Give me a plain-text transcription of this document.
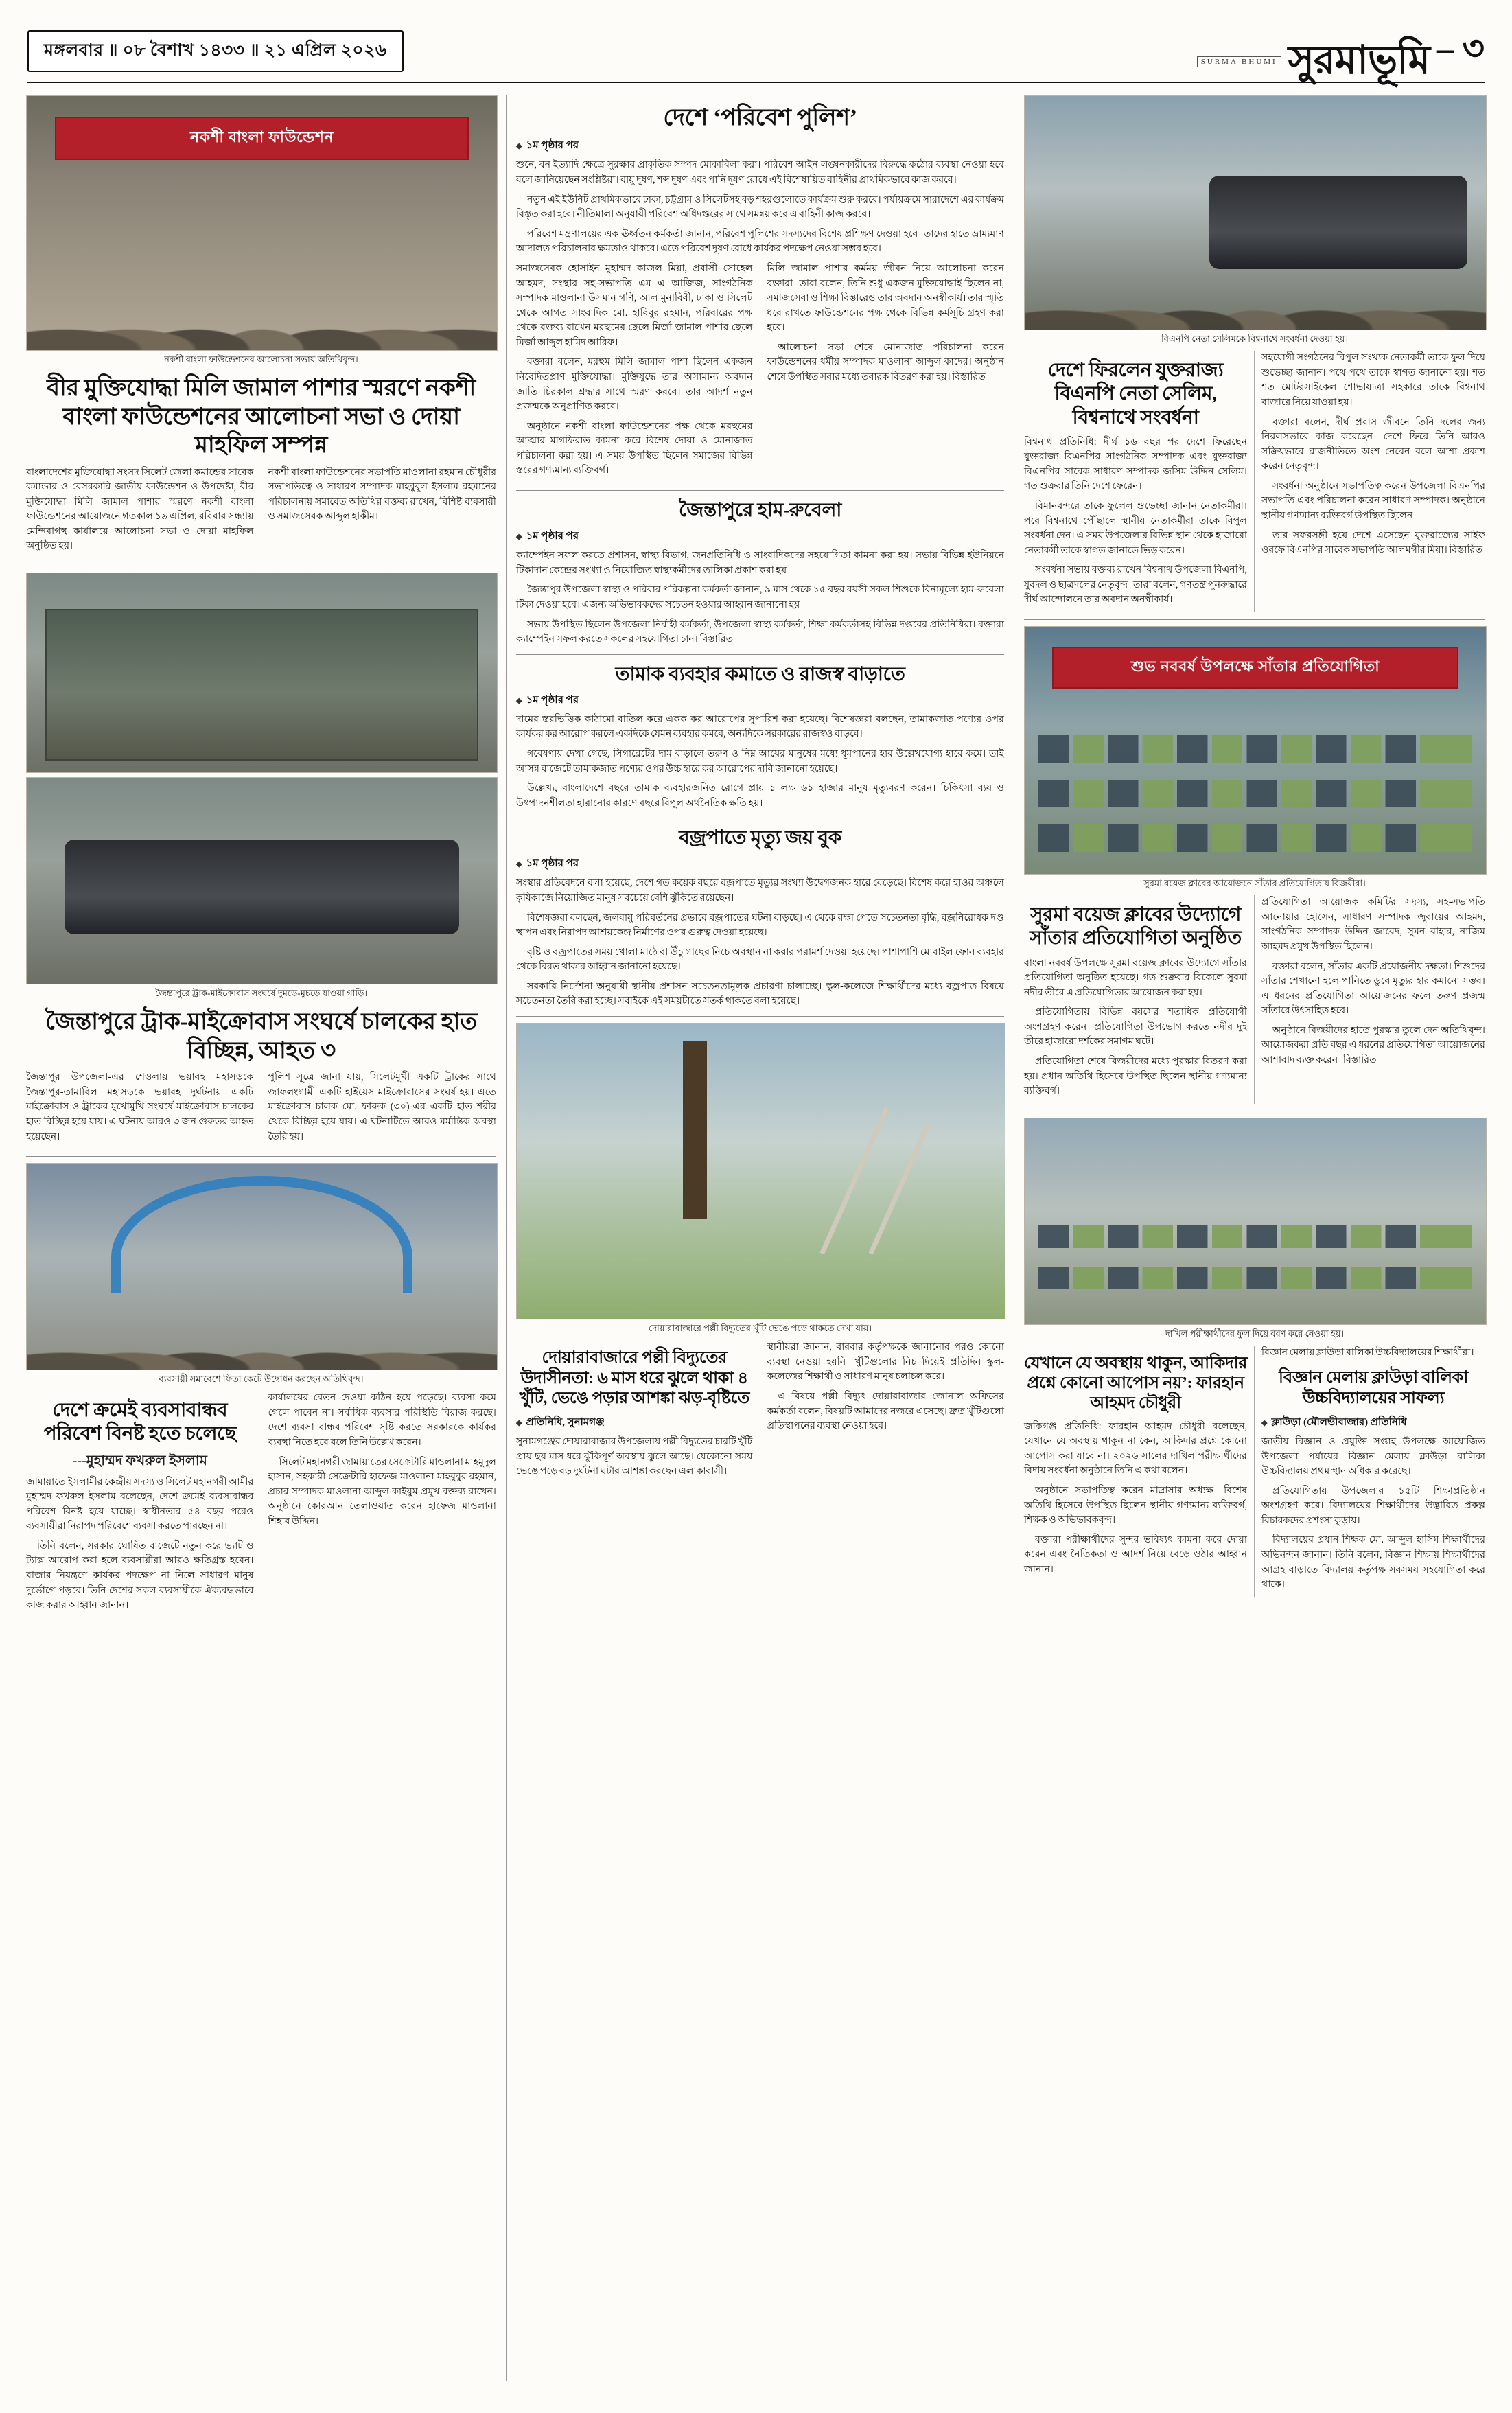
মঙ্গলবার ॥ ০৮ বৈশাখ ১৪৩৩ ॥ ২১ এপ্রিল ২০২৬
SURMA BHUMI সুরমাভূমি – ৩
নকশী বাংলা ফাউন্ডেশন
নকশী বাংলা ফাউন্ডেশনের আলোচনা সভায় অতিথিবৃন্দ।
বীর মুক্তিযোদ্ধা মিলি জামাল পাশার স্মরণে নকশী বাংলা ফাউন্ডেশনের আলোচনা সভা ও দোয়া মাহফিল সম্পন্ন

বাংলাদেশের মুক্তিযোদ্ধা সংসদ সিলেট জেলা কমান্ডের সাবেক কমান্ডার ও বেসরকারি জাতীয় ফাউন্ডেশন ও উপদেষ্টা, বীর মুক্তিযোদ্ধা মিলি জামাল পাশার স্মরণে নকশী বাংলা ফাউন্ডেশনের আয়োজনে গতকাল ১৯ এপ্রিল, রবিবার সন্ধ্যায় মেন্দিবাগস্থ কার্যালয়ে আলোচনা সভা ও দোয়া মাহফিল অনুষ্ঠিত হয়।

নকশী বাংলা ফাউন্ডেশনের সভাপতি মাওলানা রহমান চৌধুরীর সভাপতিত্বে ও সাধারণ সম্পাদক মাহবুবুল ইসলাম রহমানের পরিচালনায় সমাবেত অতিথির বক্তব্য রাখেন, বিশিষ্ট ব্যবসায়ী ও সমাজসেবক আব্দুল হাকীম।

জৈন্তাপুরে ট্রাক-মাইক্রোবাস সংঘর্ষে দুমড়ে-মুচড়ে যাওয়া গাড়ি।
জৈন্তাপুরে ট্রাক-মাইক্রোবাস সংঘর্ষে চালকের হাত বিচ্ছিন্ন, আহত ৩

জৈন্তাপুর উপজেলা-এর শেওলায় ভয়াবহ মহাসড়কে জৈন্তাপুর-তামাবিল মহাসড়কে ভয়াবহ দুর্ঘটনায় একটি মাইক্রোবাস ও ট্রাকের মুখোমুখি সংঘর্ষে মাইক্রোবাস চালকের হাত বিচ্ছিন্ন হয়ে যায়। এ ঘটনায় আরও ৩ জন গুরুতর আহত হয়েছেন।

পুলিশ সূত্রে জানা যায়, সিলেটমুখী একটি ট্রাকের সাথে জাফলংগামী একটি হাইয়েস মাইক্রোবাসের সংঘর্ষ হয়। এতে মাইক্রোবাস চালক মো. ফারুক (৩০)-এর একটি হাত শরীর থেকে বিচ্ছিন্ন হয়ে যায়। এ ঘটনাটিতে আরও মর্মান্তিক অবস্থা তৈরি হয়।

ব্যবসায়ী সমাবেশে ফিতা কেটে উদ্বোধন করছেন অতিথিবৃন্দ।
দেশে ক্রমেই ব্যবসাবান্ধব পরিবেশ বিনষ্ট হতে চলেছে
---মুহাম্মদ ফখরুল ইসলাম

জামায়াতে ইসলামীর কেন্দ্রীয় সদস্য ও সিলেট মহানগরী আমীর মুহাম্মদ ফখরুল ইসলাম বলেছেন, দেশে ক্রমেই ব্যবসাবান্ধব পরিবেশ বিনষ্ট হয়ে যাচ্ছে। স্বাধীনতার ৫৪ বছর পরেও ব্যবসায়ীরা নিরাপদ পরিবেশে ব্যবসা করতে পারছেন না।

তিনি বলেন, সরকার ঘোষিত বাজেটে নতুন করে ভ্যাট ও ট্যাক্স আরোপ করা হলে ব্যবসায়ীরা আরও ক্ষতিগ্রস্ত হবেন। বাজার নিয়ন্ত্রণে কার্যকর পদক্ষেপ না নিলে সাধারণ মানুষ দুর্ভোগে পড়বে। তিনি দেশের সকল ব্যবসায়ীকে ঐক্যবদ্ধভাবে কাজ করার আহ্বান জানান।

কার্যালয়ের বেতন দেওয়া কঠিন হয়ে পড়েছে। ব্যবসা কমে গেলে পাবেন না। সর্বাধিক ব্যবসার পরিস্থিতি বিরাজ করছে। দেশে ব্যবসা বান্ধব পরিবেশ সৃষ্টি করতে সরকারকে কার্যকর ব্যবস্থা নিতে হবে বলে তিনি উল্লেখ করেন।

সিলেট মহানগরী জামায়াতের সেক্রেটারি মাওলানা মাহমুদুল হাসান, সহকারী সেক্রেটারি হাফেজ মাওলানা মাহবুবুর রহমান, প্রচার সম্পাদক মাওলানা আব্দুল কাইয়ুম প্রমুখ বক্তব্য রাখেন। অনুষ্ঠানে কোরআন তেলাওয়াত করেন হাফেজ মাওলানা শিহাব উদ্দিন।

দেশে ‘পরিবেশ পুলিশ’
◆ ১ম পৃষ্ঠার পর

শুনে, বন ইত্যাদি ক্ষেত্রে সুরক্ষার প্রাকৃতিক সম্পদ মোকাবিলা করা। পরিবেশ আইন লঙ্ঘনকারীদের বিরুদ্ধে কঠোর ব্যবস্থা নেওয়া হবে বলে জানিয়েছেন সংশ্লিষ্টরা। বায়ু দূষণ, শব্দ দূষণ এবং পানি দূষণ রোধে এই বিশেষায়িত বাহিনীর প্রাথমিকভাবে কাজ করবে।

নতুন এই ইউনিট প্রাথমিকভাবে ঢাকা, চট্টগ্রাম ও সিলেটসহ বড় শহরগুলোতে কার্যক্রম শুরু করবে। পর্যায়ক্রমে সারাদেশে এর কার্যক্রম বিস্তৃত করা হবে। নীতিমালা অনুযায়ী পরিবেশ অধিদপ্তরের সাথে সমন্বয় করে এ বাহিনী কাজ করবে।

পরিবেশ মন্ত্রণালয়ের এক ঊর্ধ্বতন কর্মকর্তা জানান, পরিবেশ পুলিশের সদস্যদের বিশেষ প্রশিক্ষণ দেওয়া হবে। তাদের হাতে ভ্রাম্যমাণ আদালত পরিচালনার ক্ষমতাও থাকবে। এতে পরিবেশ দূষণ রোধে কার্যকর পদক্ষেপ নেওয়া সম্ভব হবে।

সমাজসেবক হোসাইন মুহাম্মদ কাজল মিয়া, প্রবাসী সোহেল আহমদ, সংস্থার সহ-সভাপতি এম এ আজিজ, সাংগঠনিক সম্পাদক মাওলানা উসমান গণি, আল মুনাবিবী, ঢাকা ও সিলেট থেকে আগত সাংবাদিক মো. হাবিবুর রহমান, পরিবারের পক্ষ থেকে বক্তব্য রাখেন মরহুমের ছেলে মির্জা জামাল পাশার ছেলে মির্জা আব্দুল হামিদ আরিফ।

বক্তারা বলেন, মরহুম মিলি জামাল পাশা ছিলেন একজন নিবেদিতপ্রাণ মুক্তিযোদ্ধা। মুক্তিযুদ্ধে তার অসামান্য অবদান জাতি চিরকাল শ্রদ্ধার সাথে স্মরণ করবে। তার আদর্শ নতুন প্রজন্মকে অনুপ্রাণিত করবে।

অনুষ্ঠানে নকশী বাংলা ফাউন্ডেশনের পক্ষ থেকে মরহুমের আত্মার মাগফিরাত কামনা করে বিশেষ দোয়া ও মোনাজাত পরিচালনা করা হয়। এ সময় উপস্থিত ছিলেন সমাজের বিভিন্ন স্তরের গণ্যমান্য ব্যক্তিবর্গ।

মিলি জামাল পাশার কর্মময় জীবন নিয়ে আলোচনা করেন বক্তারা। তারা বলেন, তিনি শুধু একজন মুক্তিযোদ্ধাই ছিলেন না, সমাজসেবা ও শিক্ষা বিস্তারেও তার অবদান অনস্বীকার্য। তার স্মৃতি ধরে রাখতে ফাউন্ডেশনের পক্ষ থেকে বিভিন্ন কর্মসূচি গ্রহণ করা হবে।

আলোচনা সভা শেষে মোনাজাত পরিচালনা করেন ফাউন্ডেশনের ধর্মীয় সম্পাদক মাওলানা আব্দুল কাদের। অনুষ্ঠান শেষে উপস্থিত সবার মধ্যে তবারক বিতরণ করা হয়। বিস্তারিত

জৈন্তাপুরে হাম-রুবেলা
◆ ১ম পৃষ্ঠার পর

ক্যাম্পেইন সফল করতে প্রশাসন, স্বাস্থ্য বিভাগ, জনপ্রতিনিধি ও সাংবাদিকদের সহযোগিতা কামনা করা হয়। সভায় বিভিন্ন ইউনিয়নে টিকাদান কেন্দ্রের সংখ্যা ও নিয়োজিত স্বাস্থ্যকর্মীদের তালিকা প্রকাশ করা হয়।

জৈন্তাপুর উপজেলা স্বাস্থ্য ও পরিবার পরিকল্পনা কর্মকর্তা জানান, ৯ মাস থেকে ১৫ বছর বয়সী সকল শিশুকে বিনামূল্যে হাম-রুবেলা টিকা দেওয়া হবে। এজন্য অভিভাবকদের সচেতন হওয়ার আহ্বান জানানো হয়।

সভায় উপস্থিত ছিলেন উপজেলা নির্বাহী কর্মকর্তা, উপজেলা স্বাস্থ্য কর্মকর্তা, শিক্ষা কর্মকর্তাসহ বিভিন্ন দপ্তরের প্রতিনিধিরা। বক্তারা ক্যাম্পেইন সফল করতে সকলের সহযোগিতা চান। বিস্তারিত

তামাক ব্যবহার কমাতে ও রাজস্ব বাড়াতে
◆ ১ম পৃষ্ঠার পর

দামের স্তরভিত্তিক কাঠামো বাতিল করে একক কর আরোপের সুপারিশ করা হয়েছে। বিশেষজ্ঞরা বলছেন, তামাকজাত পণ্যের ওপর কার্যকর কর আরোপ করলে একদিকে যেমন ব্যবহার কমবে, অন্যদিকে সরকারের রাজস্বও বাড়বে।

গবেষণায় দেখা গেছে, সিগারেটের দাম বাড়ালে তরুণ ও নিম্ন আয়ের মানুষের মধ্যে ধূমপানের হার উল্লেখযোগ্য হারে কমে। তাই আসন্ন বাজেটে তামাকজাত পণ্যের ওপর উচ্চ হারে কর আরোপের দাবি জানানো হয়েছে।

উল্লেখ্য, বাংলাদেশে বছরে তামাক ব্যবহারজনিত রোগে প্রায় ১ লক্ষ ৬১ হাজার মানুষ মৃত্যুবরণ করেন। চিকিৎসা ব্যয় ও উৎপাদনশীলতা হারানোর কারণে বছরে বিপুল অর্থনৈতিক ক্ষতি হয়।

বজ্রপাতে মৃত্যু জয় বুক
◆ ১ম পৃষ্ঠার পর

সংস্থার প্রতিবেদনে বলা হয়েছে, দেশে গত কয়েক বছরে বজ্রপাতে মৃত্যুর সংখ্যা উদ্বেগজনক হারে বেড়েছে। বিশেষ করে হাওর অঞ্চলে কৃষিকাজে নিয়োজিত মানুষ সবচেয়ে বেশি ঝুঁকিতে রয়েছেন।

বিশেষজ্ঞরা বলছেন, জলবায়ু পরিবর্তনের প্রভাবে বজ্রপাতের ঘটনা বাড়ছে। এ থেকে রক্ষা পেতে সচেতনতা বৃদ্ধি, বজ্রনিরোধক দণ্ড স্থাপন এবং নিরাপদ আশ্রয়কেন্দ্র নির্মাণের ওপর গুরুত্ব দেওয়া হয়েছে।

বৃষ্টি ও বজ্রপাতের সময় খোলা মাঠে বা উঁচু গাছের নিচে অবস্থান না করার পরামর্শ দেওয়া হয়েছে। পাশাপাশি মোবাইল ফোন ব্যবহার থেকে বিরত থাকার আহ্বান জানানো হয়েছে।

সরকারি নির্দেশনা অনুযায়ী স্থানীয় প্রশাসন সচেতনতামূলক প্রচারণা চালাচ্ছে। স্কুল-কলেজে শিক্ষার্থীদের মধ্যে বজ্রপাত বিষয়ে সচেতনতা তৈরি করা হচ্ছে। সবাইকে এই সময়টাতে সতর্ক থাকতে বলা হয়েছে।

দোয়ারাবাজারে পল্লী বিদ্যুতের খুঁটি ভেঙে পড়ে থাকতে দেখা যায়।
দোয়ারাবাজারে পল্লী বিদ্যুতের উদাসীনতা: ৬ মাস ধরে ঝুলে থাকা ৪ খুঁটি, ভেঙে পড়ার আশঙ্কা ঝড়-বৃষ্টিতে
◆ প্রতিনিধি, সুনামগঞ্জ

সুনামগঞ্জের দোয়ারাবাজার উপজেলায় পল্লী বিদ্যুতের চারটি খুঁটি প্রায় ছয় মাস ধরে ঝুঁকিপূর্ণ অবস্থায় ঝুলে আছে। যেকোনো সময় ভেঙে পড়ে বড় দুর্ঘটনা ঘটার আশঙ্কা করছেন এলাকাবাসী।

স্থানীয়রা জানান, বারবার কর্তৃপক্ষকে জানানোর পরও কোনো ব্যবস্থা নেওয়া হয়নি। খুঁটিগুলোর নিচ দিয়েই প্রতিদিন স্কুল-কলেজের শিক্ষার্থী ও সাধারণ মানুষ চলাচল করে।

এ বিষয়ে পল্লী বিদ্যুৎ দোয়ারাবাজার জোনাল অফিসের কর্মকর্তা বলেন, বিষয়টি আমাদের নজরে এসেছে। দ্রুত খুঁটিগুলো প্রতিস্থাপনের ব্যবস্থা নেওয়া হবে।

বিএনপি নেতা সেলিমকে বিশ্বনাথে সংবর্ধনা দেওয়া হয়।
দেশে ফিরলেন যুক্তরাজ্য বিএনপি নেতা সেলিম, বিশ্বনাথে সংবর্ধনা

বিশ্বনাথ প্রতিনিধি: দীর্ঘ ১৬ বছর পর দেশে ফিরেছেন যুক্তরাজ্য বিএনপির সাংগঠনিক সম্পাদক এবং যুক্তরাজ্য বিএনপির সাবেক সাধারণ সম্পাদক জসিম উদ্দিন সেলিম। গত শুক্রবার তিনি দেশে ফেরেন।

বিমানবন্দরে তাকে ফুলেল শুভেচ্ছা জানান নেতাকর্মীরা। পরে বিশ্বনাথে পৌঁছালে স্থানীয় নেতাকর্মীরা তাকে বিপুল সংবর্ধনা দেন। এ সময় উপজেলার বিভিন্ন স্থান থেকে হাজারো নেতাকর্মী তাকে স্বাগত জানাতে ভিড় করেন।

সংবর্ধনা সভায় বক্তব্য রাখেন বিশ্বনাথ উপজেলা বিএনপি, যুবদল ও ছাত্রদলের নেতৃবৃন্দ। তারা বলেন, গণতন্ত্র পুনরুদ্ধারে দীর্ঘ আন্দোলনে তার অবদান অনস্বীকার্য।

সহযোগী সংগঠনের বিপুল সংখ্যক নেতাকর্মী তাকে ফুল দিয়ে শুভেচ্ছা জানান। পথে পথে তাকে স্বাগত জানানো হয়। শত শত মোটরসাইকেল শোভাযাত্রা সহকারে তাকে বিশ্বনাথ বাজারে নিয়ে যাওয়া হয়।

বক্তারা বলেন, দীর্ঘ প্রবাস জীবনে তিনি দলের জন্য নিরলসভাবে কাজ করেছেন। দেশে ফিরে তিনি আরও সক্রিয়ভাবে রাজনীতিতে অংশ নেবেন বলে আশা প্রকাশ করেন নেতৃবৃন্দ।

সংবর্ধনা অনুষ্ঠানে সভাপতিত্ব করেন উপজেলা বিএনপির সভাপতি এবং পরিচালনা করেন সাধারণ সম্পাদক। অনুষ্ঠানে স্থানীয় গণ্যমান্য ব্যক্তিবর্গ উপস্থিত ছিলেন।

তার সফরসঙ্গী হয়ে দেশে এসেছেন যুক্তরাজ্যের সাইফ ওরফে বিএনপির সাবেক সভাপতি আলমগীর মিয়া। বিস্তারিত

শুভ নববর্ষ উপলক্ষে সাঁতার প্রতিযোগিতা
সুরমা বয়েজ ক্লাবের আয়োজনে সাঁতার প্রতিযোগিতায় বিজয়ীরা।
সুরমা বয়েজ ক্লাবের উদ্যোগে সাঁতার প্রতিযোগিতা অনুষ্ঠিত

বাংলা নববর্ষ উপলক্ষে সুরমা বয়েজ ক্লাবের উদ্যোগে সাঁতার প্রতিযোগিতা অনুষ্ঠিত হয়েছে। গত শুক্রবার বিকেলে সুরমা নদীর তীরে এ প্রতিযোগিতার আয়োজন করা হয়।

প্রতিযোগিতায় বিভিন্ন বয়সের শতাধিক প্রতিযোগী অংশগ্রহণ করেন। প্রতিযোগিতা উপভোগ করতে নদীর দুই তীরে হাজারো দর্শকের সমাগম ঘটে।

প্রতিযোগিতা শেষে বিজয়ীদের মধ্যে পুরস্কার বিতরণ করা হয়। প্রধান অতিথি হিসেবে উপস্থিত ছিলেন স্থানীয় গণ্যমান্য ব্যক্তিবর্গ।

প্রতিযোগিতা আয়োজক কমিটির সদস্য, সহ-সভাপতি আনোয়ার হোসেন, সাধারণ সম্পাদক জুবায়ের আহমদ, সাংগঠনিক সম্পাদক উদ্দিন জাবেদ, সুমন বাহার, নাজিম আহমদ প্রমুখ উপস্থিত ছিলেন।

বক্তারা বলেন, সাঁতার একটি প্রয়োজনীয় দক্ষতা। শিশুদের সাঁতার শেখানো হলে পানিতে ডুবে মৃত্যুর হার কমানো সম্ভব। এ ধরনের প্রতিযোগিতা আয়োজনের ফলে তরুণ প্রজন্ম সাঁতারে উৎসাহিত হবে।

অনুষ্ঠানে বিজয়ীদের হাতে পুরস্কার তুলে দেন অতিথিবৃন্দ। আয়োজকরা প্রতি বছর এ ধরনের প্রতিযোগিতা আয়োজনের আশাবাদ ব্যক্ত করেন। বিস্তারিত

দাখিল পরীক্ষার্থীদের ফুল দিয়ে বরণ করে নেওয়া হয়।
যেখানে যে অবস্থায় থাকুন, আকিদার প্রশ্নে কোনো আপোস নয়’: ফারহান আহমদ চৌধুরী

জকিগঞ্জ প্রতিনিধি: ফারহান আহমদ চৌধুরী বলেছেন, যেখানে যে অবস্থায় থাকুন না কেন, আকিদার প্রশ্নে কোনো আপোস করা যাবে না। ২০২৬ সালের দাখিল পরীক্ষার্থীদের বিদায় সংবর্ধনা অনুষ্ঠানে তিনি এ কথা বলেন।

অনুষ্ঠানে সভাপতিত্ব করেন মাদ্রাসার অধ্যক্ষ। বিশেষ অতিথি হিসেবে উপস্থিত ছিলেন স্থানীয় গণ্যমান্য ব্যক্তিবর্গ, শিক্ষক ও অভিভাবকবৃন্দ।

বক্তারা পরীক্ষার্থীদের সুন্দর ভবিষ্যৎ কামনা করে দোয়া করেন এবং নৈতিকতা ও আদর্শ নিয়ে বেড়ে ওঠার আহ্বান জানান।

বিজ্ঞান মেলায় ক্লাউড়া বালিকা উচ্চবিদ্যালয়ের শিক্ষার্থীরা।

বিজ্ঞান মেলায় ক্লাউড়া বালিকা উচ্চবিদ্যালয়ের সাফল্য
◆ ক্লাউড়া (মৌলভীবাজার) প্রতিনিধি

জাতীয় বিজ্ঞান ও প্রযুক্তি সপ্তাহ উপলক্ষে আয়োজিত উপজেলা পর্যায়ের বিজ্ঞান মেলায় ক্লাউড়া বালিকা উচ্চবিদ্যালয় প্রথম স্থান অধিকার করেছে।

প্রতিযোগিতায় উপজেলার ১৫টি শিক্ষাপ্রতিষ্ঠান অংশগ্রহণ করে। বিদ্যালয়ের শিক্ষার্থীদের উদ্ভাবিত প্রকল্প বিচারকদের প্রশংসা কুড়ায়।

বিদ্যালয়ের প্রধান শিক্ষক মো. আব্দুল হাসিম শিক্ষার্থীদের অভিনন্দন জানান। তিনি বলেন, বিজ্ঞান শিক্ষায় শিক্ষার্থীদের আগ্রহ বাড়াতে বিদ্যালয় কর্তৃপক্ষ সবসময় সহযোগিতা করে থাকে।
